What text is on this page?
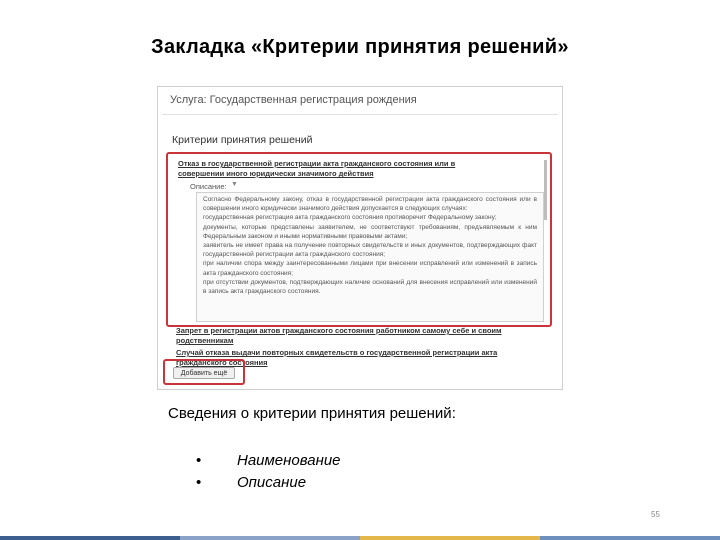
Закладка «Критерии принятия решений»
Услуга: Государственная регистрация рождения
Критерии принятия решений
Отказ в государственной регистрации акта гражданского состояния или в совершении иного юридически значимого действия
Описание: ▼

Согласно Федеральному закону, отказ в государственной регистрации акта гражданского состояния или в совершении иного юридически значимого действия допускается в следующих случаях:

государственная регистрация акта гражданского состояния противоречит Федеральному закону;

документы, которые представлены заявителем, не соответствуют требованиям, предъявляемым к ним Федеральным законом и иными нормативными правовыми актами;

заявитель не имеет права на получение повторных свидетельств и иных документов, подтверждающих факт государственной регистрации акта гражданского состояния;

при наличии спора между заинтересованными лицами при внесении исправлений или изменений в запись акта гражданского состояния;

при отсутствии документов, подтверждающих наличие оснований для внесения исправлений или изменений в запись акта гражданского состояния.

Запрет в регистрации актов гражданского состояния работником самому себе и своим родственникам
Случай отказа выдачи повторных свидетельств о государственной регистрации акта гражданского состояния
Добавить ещё
Сведения о критерии принятия решений:
•	Наименование
•	Описание
55
